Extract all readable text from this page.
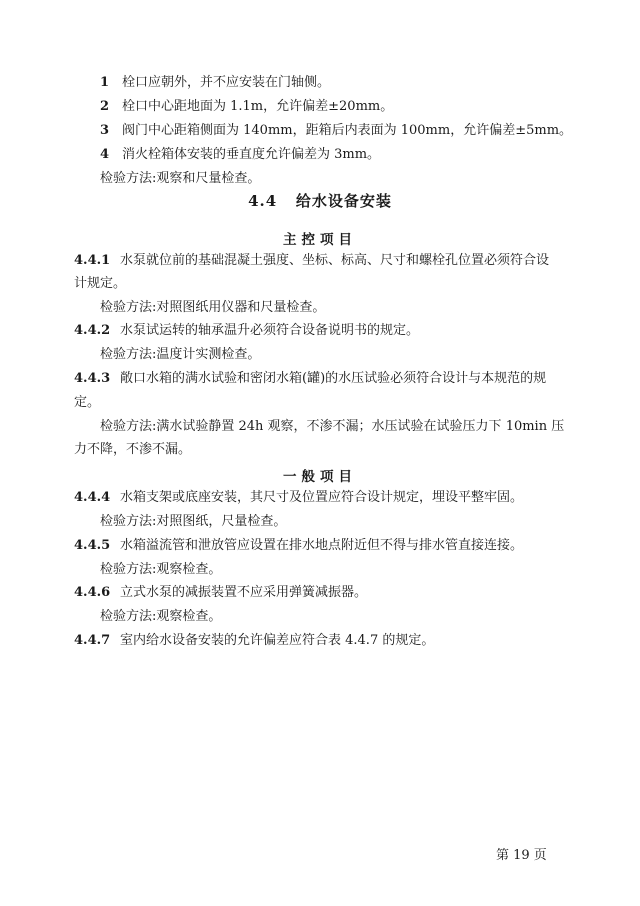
1 栓口应朝外，并不应安装在门轴侧。
2 栓口中心距地面为 1.1m，允许偏差±20mm。
3 阀门中心距箱侧面为 140mm，距箱后内表面为 100mm，允许偏差±5mm。
4 消火栓箱体安装的垂直度允许偏差为 3mm。
检验方法:观察和尺量检查。
4.4 给水设备安装
主控项目
4.4.1 水泵就位前的基础混凝土强度、坐标、标高、尺寸和螺栓孔位置必须符合设
计规定。
检验方法:对照图纸用仪器和尺量检查。
4.4.2 水泵试运转的轴承温升必须符合设备说明书的规定。
检验方法:温度计实测检查。
4.4.3 敞口水箱的满水试验和密闭水箱(罐)的水压试验必须符合设计与本规范的规
定。
检验方法:满水试验静置 24h 观察，不渗不漏；水压试验在试验压力下 10min 压
力不降，不渗不漏。
一般项目
4.4.4 水箱支架或底座安装，其尺寸及位置应符合设计规定，埋设平整牢固。
检验方法:对照图纸，尺量检查。
4.4.5 水箱溢流管和泄放管应设置在排水地点附近但不得与排水管直接连接。
检验方法:观察检查。
4.4.6 立式水泵的减振装置不应采用弹簧减振器。
检验方法:观察检查。
4.4.7 室内给水设备安装的允许偏差应符合表 4.4.7 的规定。
第 19 页
